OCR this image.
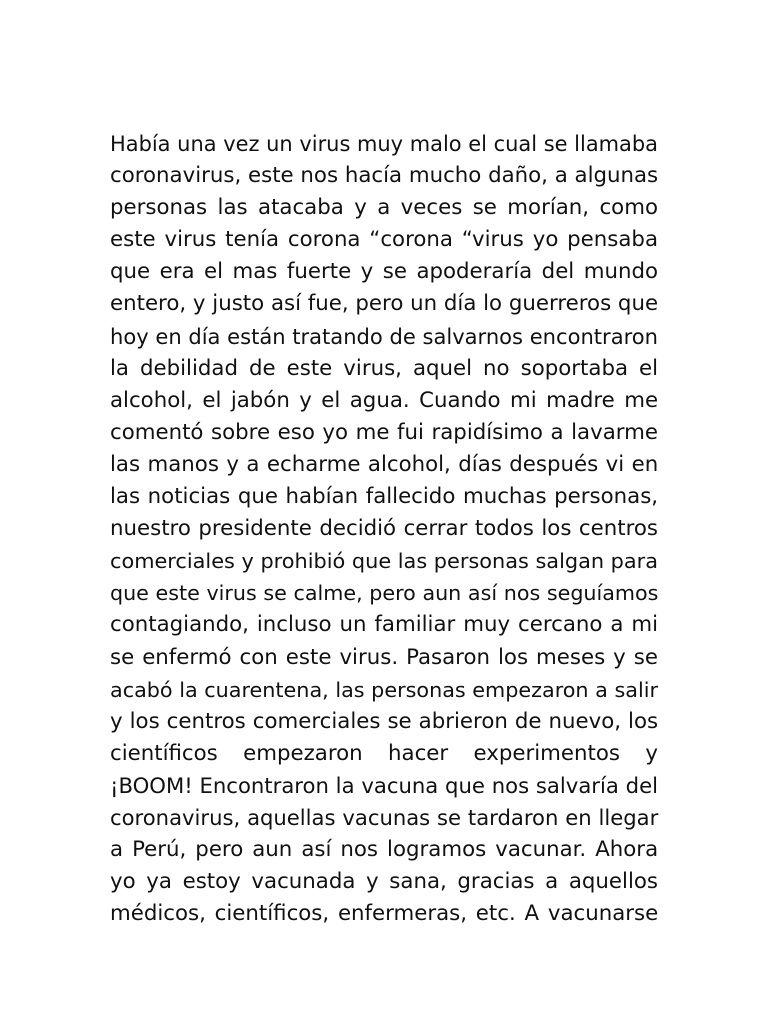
Había una vez un virus muy malo el cual se llamaba
coronavirus, este nos hacía mucho daño, a algunas
personas las atacaba y a veces se morían, como
este virus tenía corona “corona “virus yo pensaba
que era el mas fuerte y se apoderaría del mundo
entero, y justo así fue, pero un día lo guerreros que
hoy en día están tratando de salvarnos encontraron
la debilidad de este virus, aquel no soportaba el
alcohol, el jabón y el agua. Cuando mi madre me
comentó sobre eso yo me fui rapidísimo a lavarme
las manos y a echarme alcohol, días después vi en
las noticias que habían fallecido muchas personas,
nuestro presidente decidió cerrar todos los centros
comerciales y prohibió que las personas salgan para
que este virus se calme, pero aun así nos seguíamos
contagiando, incluso un familiar muy cercano a mi
se enfermó con este virus. Pasaron los meses y se
acabó la cuarentena, las personas empezaron a salir
y los centros comerciales se abrieron de nuevo, los
científicos empezaron hacer experimentos y
¡BOOM! Encontraron la vacuna que nos salvaría del
coronavirus, aquellas vacunas se tardaron en llegar
a Perú, pero aun así nos logramos vacunar. Ahora
yo ya estoy vacunada y sana, gracias a aquellos
médicos, científicos, enfermeras, etc. A vacunarse
